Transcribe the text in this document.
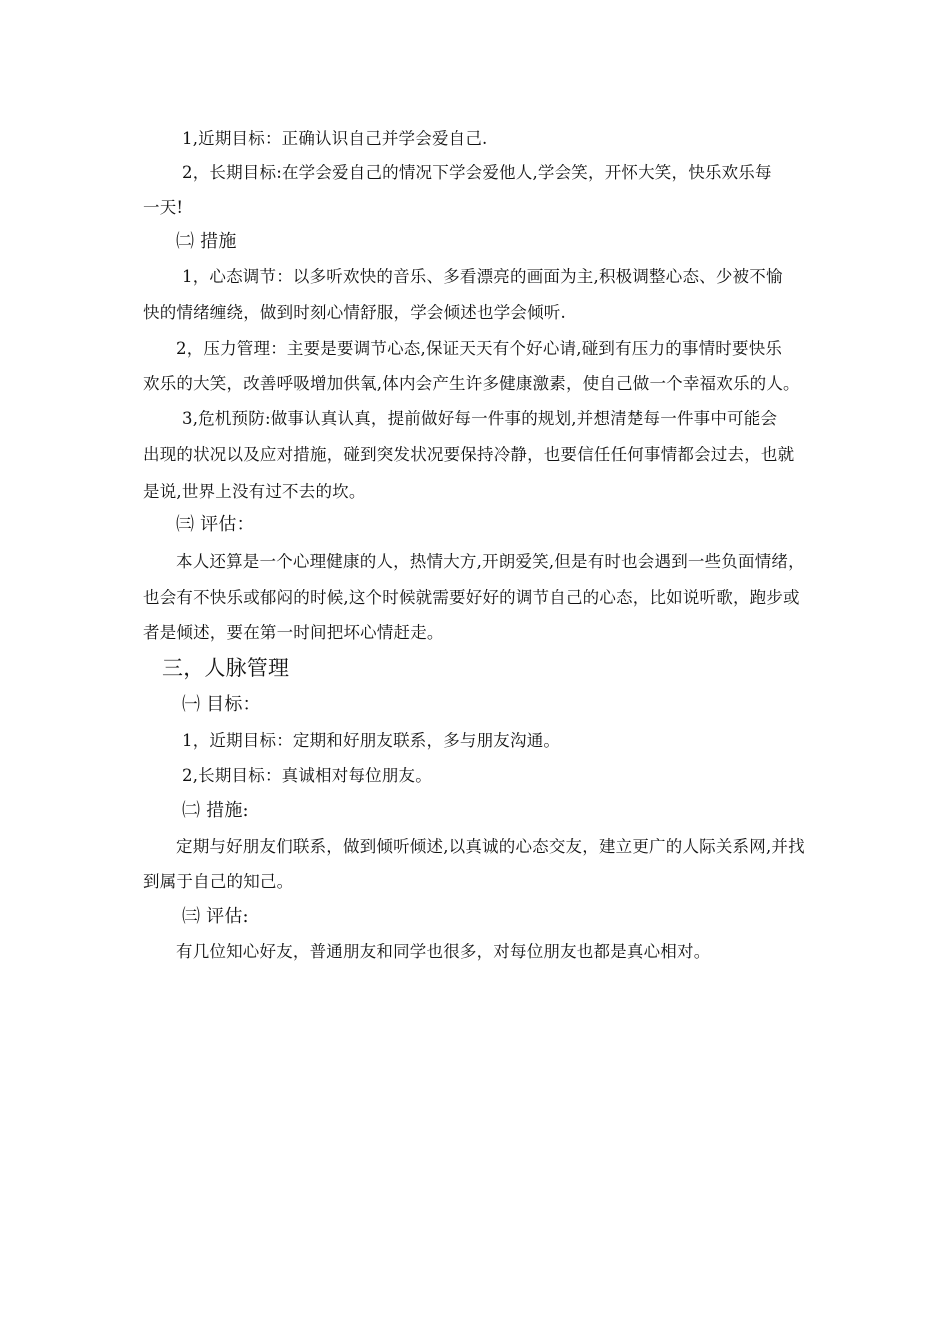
1,近期目标：正确认识自己并学会爱自己.
2，长期目标:在学会爱自己的情况下学会爱他人,学会笑，开怀大笑，快乐欢乐每
一天!
㈡ 措施
1，心态调节：以多听欢快的音乐、多看漂亮的画面为主,积极调整心态、少被不愉
快的情绪缠绕，做到时刻心情舒服，学会倾述也学会倾听.
2，压力管理：主要是要调节心态,保证天天有个好心请,碰到有压力的事情时要快乐
欢乐的大笑，改善呼吸增加供氧,体内会产生许多健康激素，使自己做一个幸福欢乐的人。
3,危机预防:做事认真认真，提前做好每一件事的规划,并想清楚每一件事中可能会
出现的状况以及应对措施，碰到突发状况要保持冷静，也要信任任何事情都会过去，也就
是说,世界上没有过不去的坎。
㈢ 评估：
本人还算是一个心理健康的人，热情大方,开朗爱笑,但是有时也会遇到一些负面情绪，
也会有不快乐或郁闷的时候,这个时候就需要好好的调节自己的心态，比如说听歌，跑步或
者是倾述，要在第一时间把坏心情赶走。
三，人脉管理
㈠ 目标：
1，近期目标：定期和好朋友联系，多与朋友沟通。
2,长期目标：真诚相对每位朋友。
㈡ 措施:
定期与好朋友们联系，做到倾听倾述,以真诚的心态交友，建立更广的人际关系网,并找
到属于自己的知己。
㈢ 评估:
有几位知心好友，普通朋友和同学也很多，对每位朋友也都是真心相对。
